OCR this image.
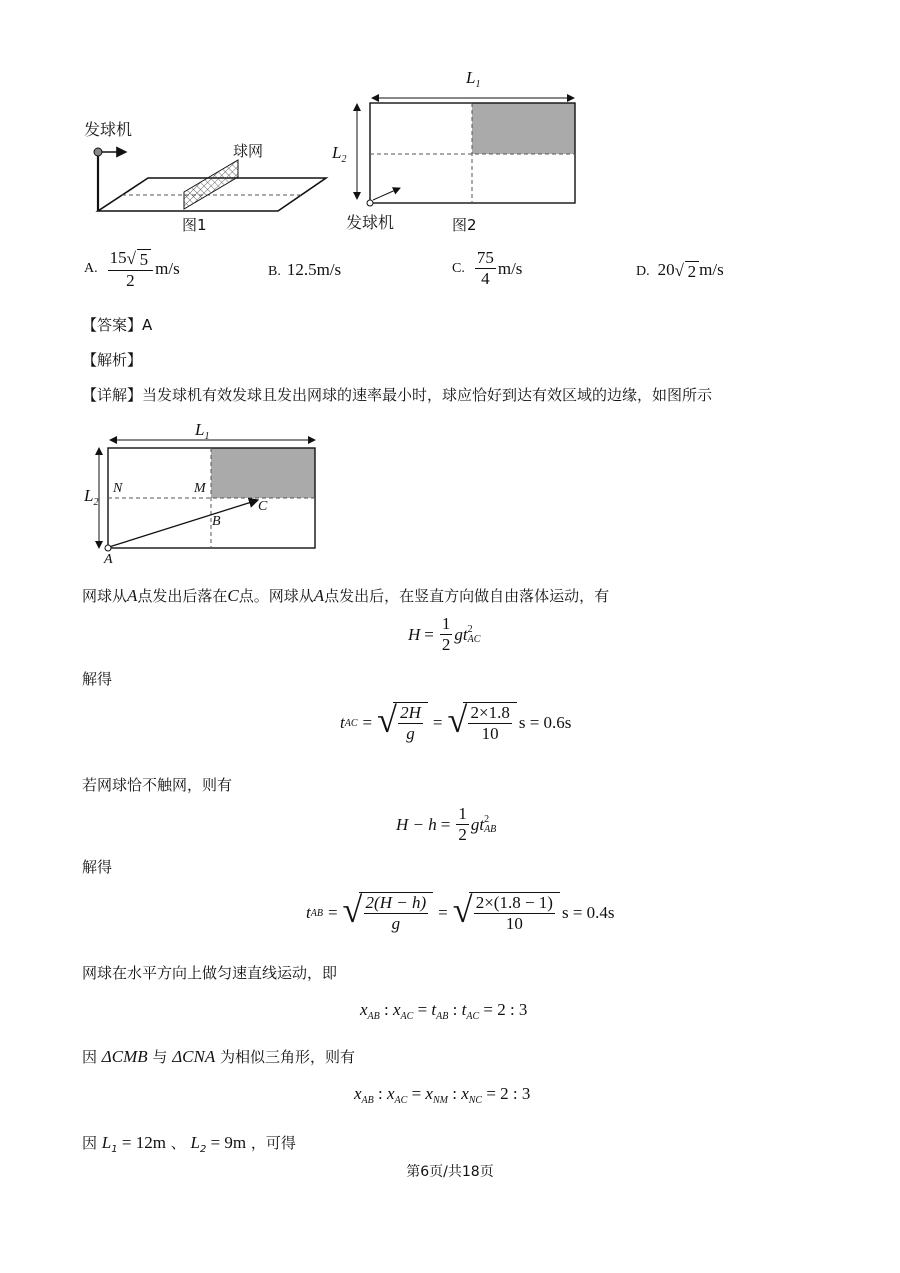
发球机
球网
图1
$L_1$
$L_2$
发球机	图2
A. $\frac{15 √ 5}{2} m/s$	B. 12.5m/s	C. $\frac{75}{4} m/s$	D. 20 √ 2 m/s
【答案】A
【解析】
【详解】当发球机有效发球且发出网球的速率最小时，球应恰好到达有效区域的边缘，如图所示
$L_1$
$L_2$
N	M
C
B
A
网球从A点发出后落在C点。网球从A点发出后，在竖直方向做自由落体运动，有
$H = \frac{1}{2}$ g t 2
AC
解得
t AC = √ $\frac{2H}{g}$ = √ $\frac{2\times 1.8}{10}$ s = 0.6s
若网球恰不触网，则有
$H - h = \frac{1}{2}$ g t 2
AB
解得
t AB = √ $\frac{2(H - h)}{g}$ = √ $\frac{2\times(1.8 - 1)}{10}$ s = 0.4s
网球在水平方向上做匀速直线运动，即
$x_{AB}$ : $x_{AC} = t_{AB}$ : $t_{AC} = 2$ : 3
因 ΔCMB 与 ΔCNA 为相似三角形，则有
$x_{AB}$ : $x_{AC} = x_{NM}$ : $x_{NC} = 2$ : 3
因 $L_1 = 12m$ 、 $L_2 = 9m$ ，可得
第6页/共18页
